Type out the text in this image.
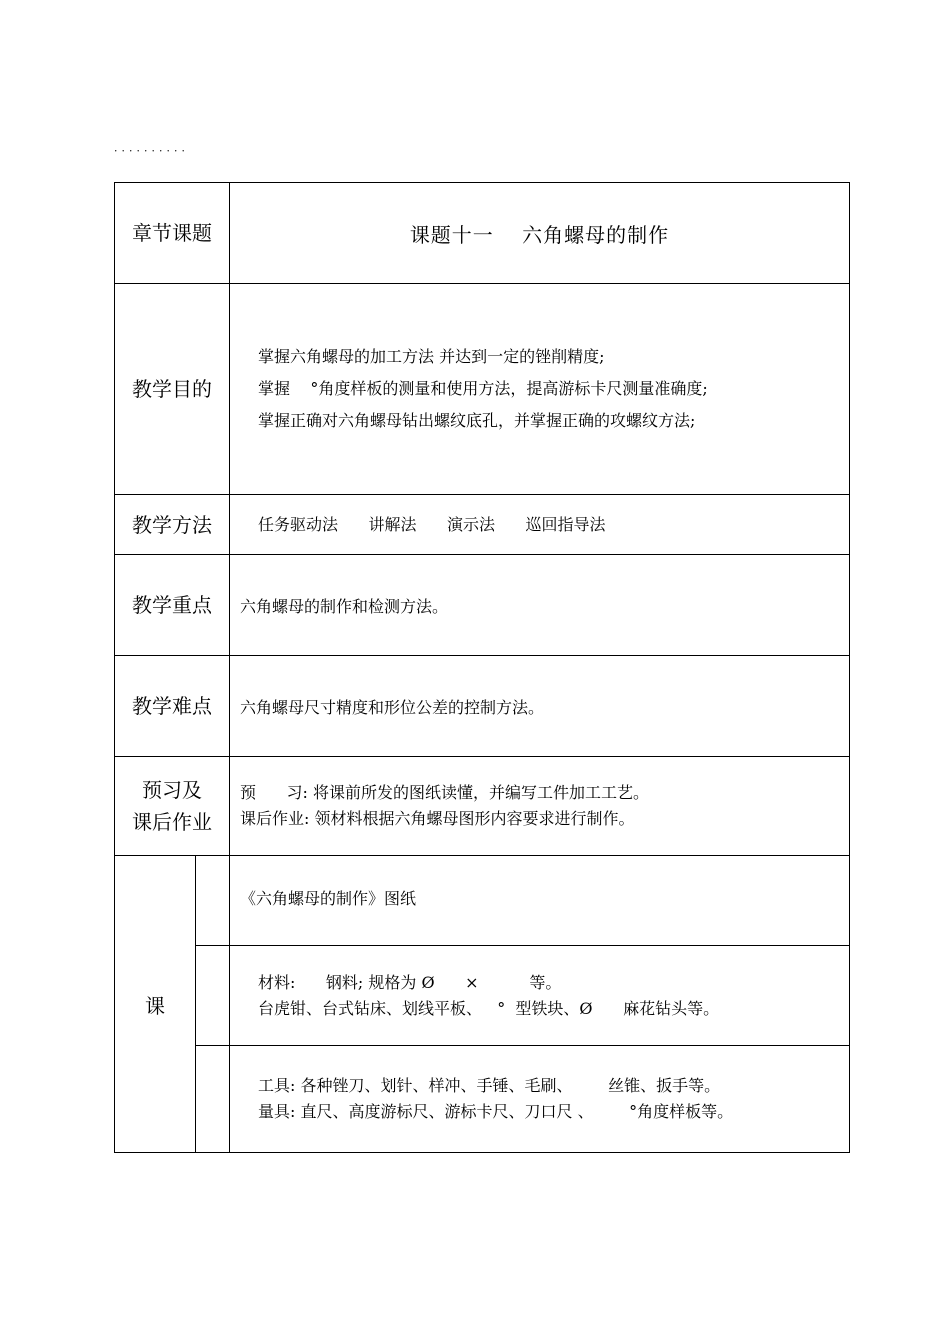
．．．．．．．．．．
章节课题		课题十一　 六角螺母的制作
教学目的		掌握六角螺母的加工方法 并达到一定的锉削精度;
掌握    °角度样板的测量和使用方法，提高游标卡尺测量准确度;
掌握正确对六角螺母钻出螺纹底孔，并掌握正确的攻螺纹方法;

教学方法		任务驱动法      讲解法      演示法      巡回指导法

教学重点		六角螺母的制作和检测方法。
教学难点		六角螺母尺寸精度和形位公差的控制方法。

预习及
课后作业		预      习: 将课前所发的图纸读懂，并编写工件加工工艺。
课后作业: 领材料根据六角螺母图形内容要求进行制作。

课		《六角螺母的制作》图纸

		材料:      钢料; 规格为 Ø      ×          等。
台虎钳、台式钻床、划线平板、   °  型铁块、Ø      麻花钻头等。

		工具: 各种锉刀、划针、样冲、手锤、毛刷、       丝锥、扳手等。
量具: 直尺、高度游标尺、游标卡尺、刀口尺 、       °角度样板等。
